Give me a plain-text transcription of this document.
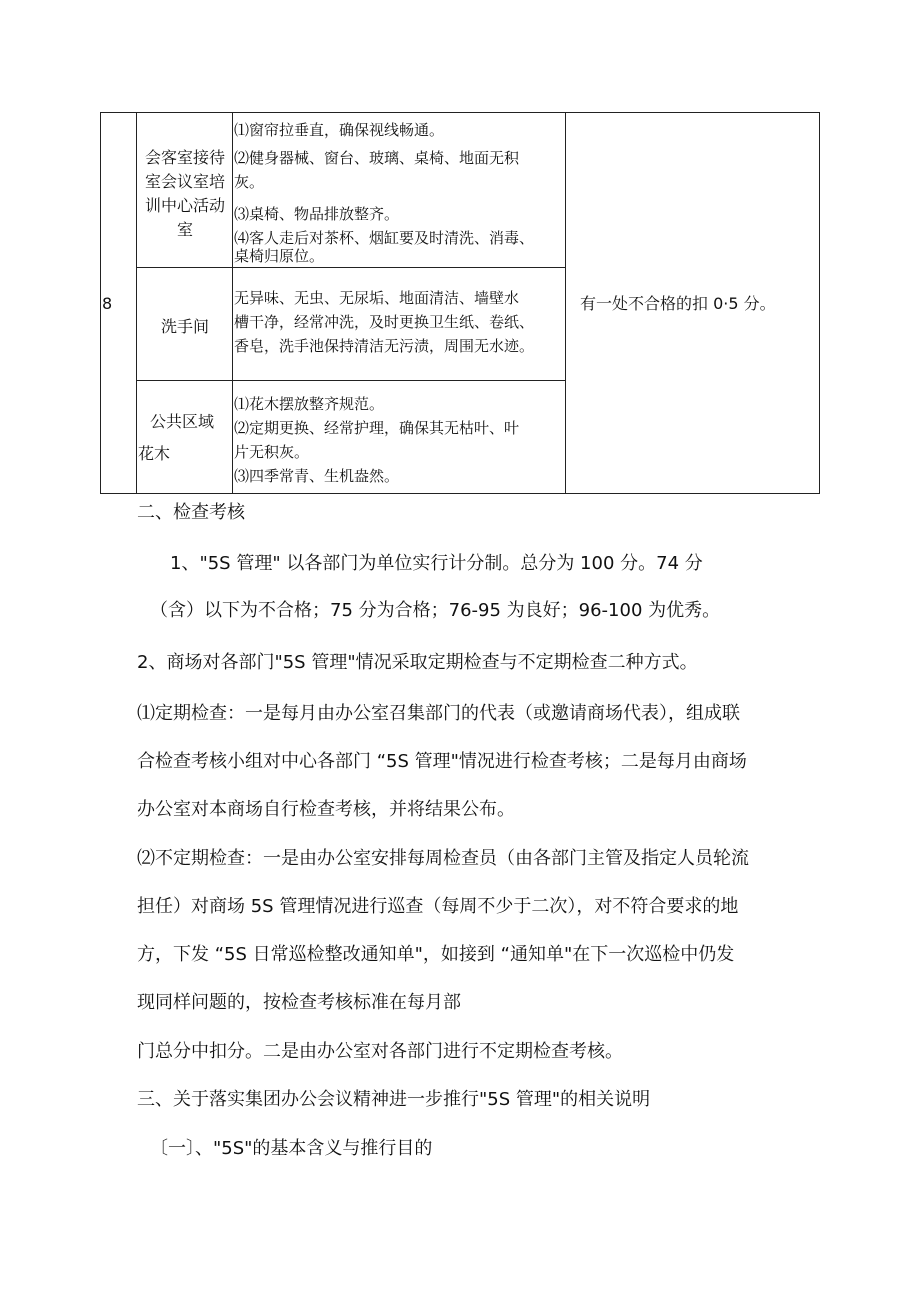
8
会客室接待
室会议室培
训中心活动
室
⑴窗帘拉垂直，确保视线畅通。
⑵健身器械、窗台、玻璃、桌椅、地面无积
灰。
⑶桌椅、物品排放整齐。
⑷客人走后对茶杯、烟缸要及时清洗、消毒、
桌椅归原位。
洗手间
无异味、无虫、无尿垢、地面清洁、墙壁水
槽干净，经常冲洗，及时更换卫生纸、卷纸、
香皂，洗手池保持清洁无污渍，周围无水迹。
公共区域
花木
⑴花木摆放整齐规范。
⑵定期更换、经常护理，确保其无枯叶、叶
片无积灰。
⑶四季常青、生机盎然。
有一处不合格的扣 0·5 分。
二、检查考核
1、"5S 管理" 以各部门为单位实行计分制。总分为 100 分。74 分
（含）以下为不合格；75 分为合格；76-95 为良好；96-100 为优秀。
2、商场对各部门"5S 管理"情况采取定期检查与不定期检查二种方式。
⑴定期检查：一是每月由办公室召集部门的代表（或邀请商场代表），组成联
合检查考核小组对中心各部门 “5S 管理"情况进行检查考核；二是每月由商场
办公室对本商场自行检查考核，并将结果公布。
⑵不定期检查：一是由办公室安排每周检查员（由各部门主管及指定人员轮流
担任）对商场 5S 管理情况进行巡查（每周不少于二次），对不符合要求的地
方，下发 “5S 日常巡检整改通知单"，如接到 “通知单"在下一次巡检中仍发
现同样问题的，按检查考核标准在每月部
门总分中扣分。二是由办公室对各部门进行不定期检查考核。
三、关于落实集团办公会议精神进一步推行"5S 管理"的相关说明
〔一〕、"5S"的基本含义与推行目的
